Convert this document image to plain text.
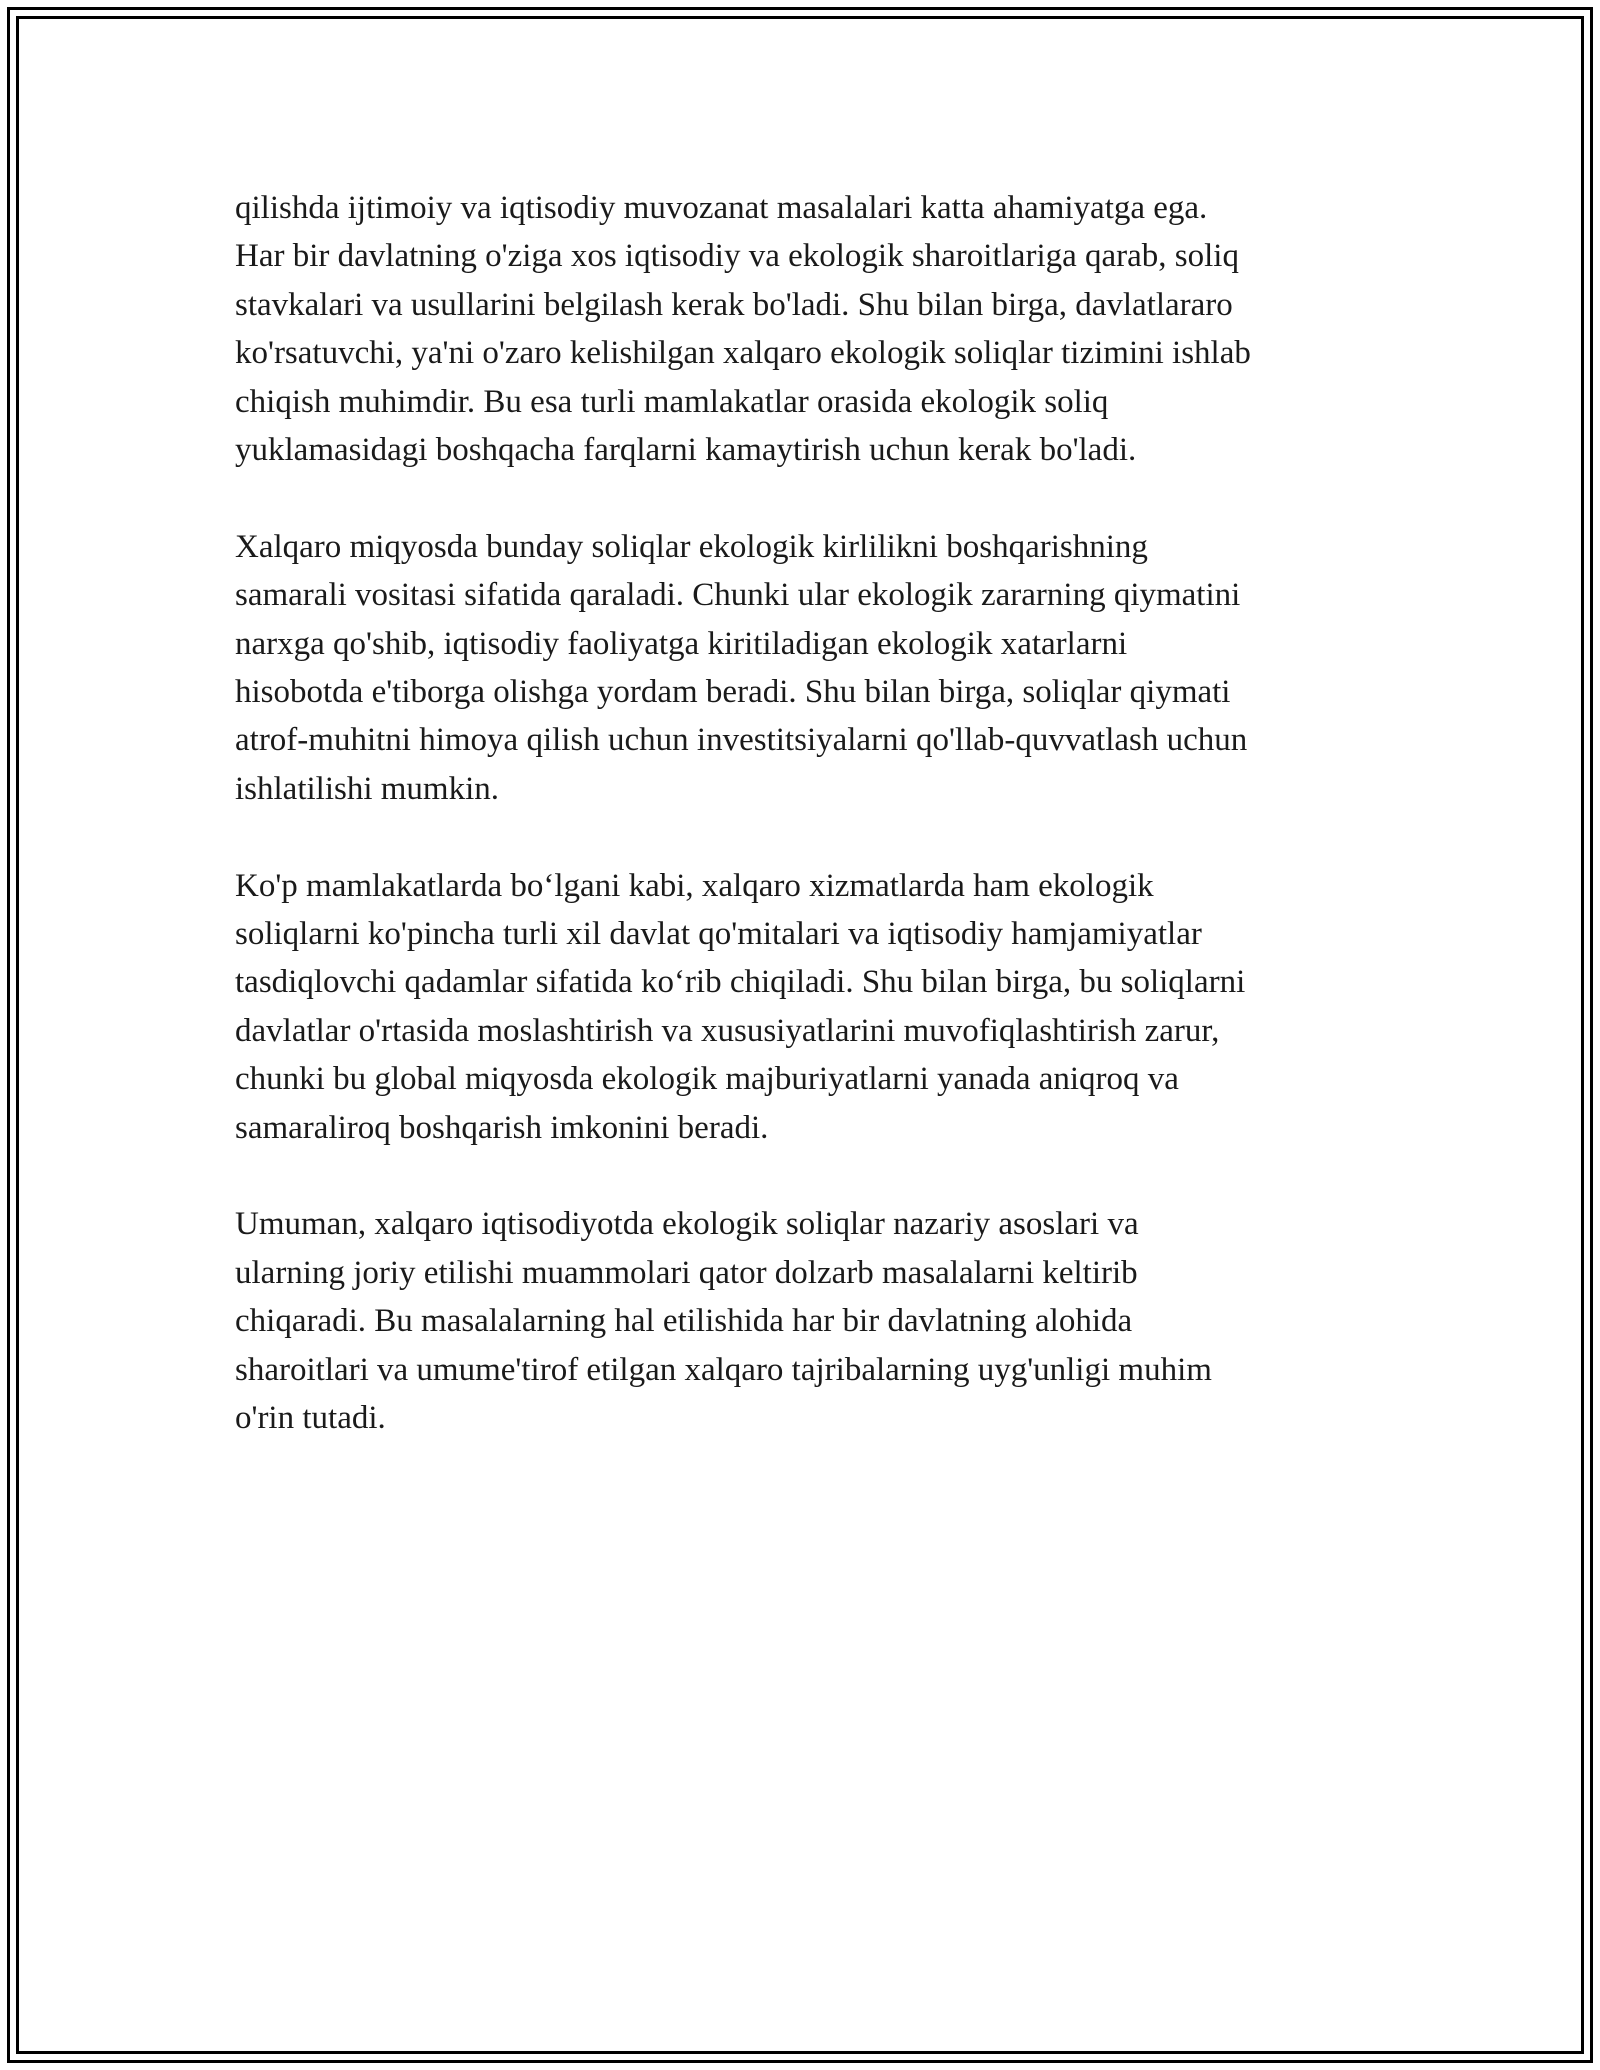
qilishda ijtimoiy va iqtisodiy muvozanat masalalari katta ahamiyatga ega.
Har bir davlatning o'ziga xos iqtisodiy va ekologik sharoitlariga qarab, soliq
stavkalari va usullarini belgilash kerak bo'ladi. Shu bilan birga, davlatlararo
ko'rsatuvchi, ya'ni o'zaro kelishilgan xalqaro ekologik soliqlar tizimini ishlab
chiqish muhimdir. Bu esa turli mamlakatlar orasida ekologik soliq
yuklamasidagi boshqacha farqlarni kamaytirish uchun kerak bo'ladi.

Xalqaro miqyosda bunday soliqlar ekologik kirlilikni boshqarishning
samarali vositasi sifatida qaraladi. Chunki ular ekologik zararning qiymatini
narxga qo'shib, iqtisodiy faoliyatga kiritiladigan ekologik xatarlarni
hisobotda e'tiborga olishga yordam beradi. Shu bilan birga, soliqlar qiymati
atrof-muhitni himoya qilish uchun investitsiyalarni qo'llab-quvvatlash uchun
ishlatilishi mumkin.

Ko'p mamlakatlarda bo‘lgani kabi, xalqaro xizmatlarda ham ekologik
soliqlarni ko'pincha turli xil davlat qo'mitalari va iqtisodiy hamjamiyatlar
tasdiqlovchi qadamlar sifatida ko‘rib chiqiladi. Shu bilan birga, bu soliqlarni
davlatlar o'rtasida moslashtirish va xususiyatlarini muvofiqlashtirish zarur,
chunki bu global miqyosda ekologik majburiyatlarni yanada aniqroq va
samaraliroq boshqarish imkonini beradi.

Umuman, xalqaro iqtisodiyotda ekologik soliqlar nazariy asoslari va
ularning joriy etilishi muammolari qator dolzarb masalalarni keltirib
chiqaradi. Bu masalalarning hal etilishida har bir davlatning alohida
sharoitlari va umume'tirof etilgan xalqaro tajribalarning uyg'unligi muhim
o'rin tutadi.
